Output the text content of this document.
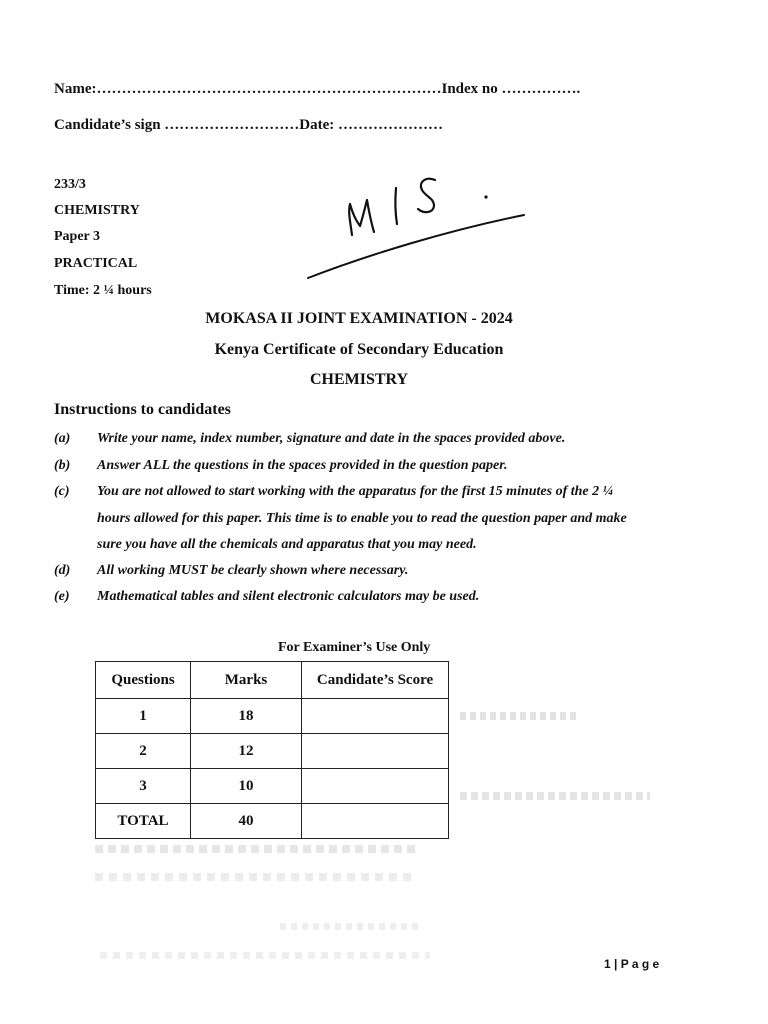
Name:……………………………………………………………Index no …………….
Candidate’s sign ………………………Date: …………………
233/3
CHEMISTRY
Paper 3
PRACTICAL
Time: 2 ¼ hours
MOKASA II JOINT EXAMINATION - 2024
Kenya Certificate of Secondary Education
CHEMISTRY
Instructions to candidates
(a) Write your name, index number, signature and date in the spaces provided above.
(b) Answer ALL the questions in the spaces provided in the question paper.
(c) You are not allowed to start working with the apparatus for the first 15 minutes of the 2 ¼
hours allowed for this paper. This time is to enable you to read the question paper and make
sure you have all the chemicals and apparatus that you may need.
(d) All working MUST be clearly shown where necessary.
(e) Mathematical tables and silent electronic calculators may be used.
For Examiner’s Use Only
Questions	Marks	Candidate’s Score
1	18	
2	12	
3	10	
TOTAL	40	
1 | P a g e
